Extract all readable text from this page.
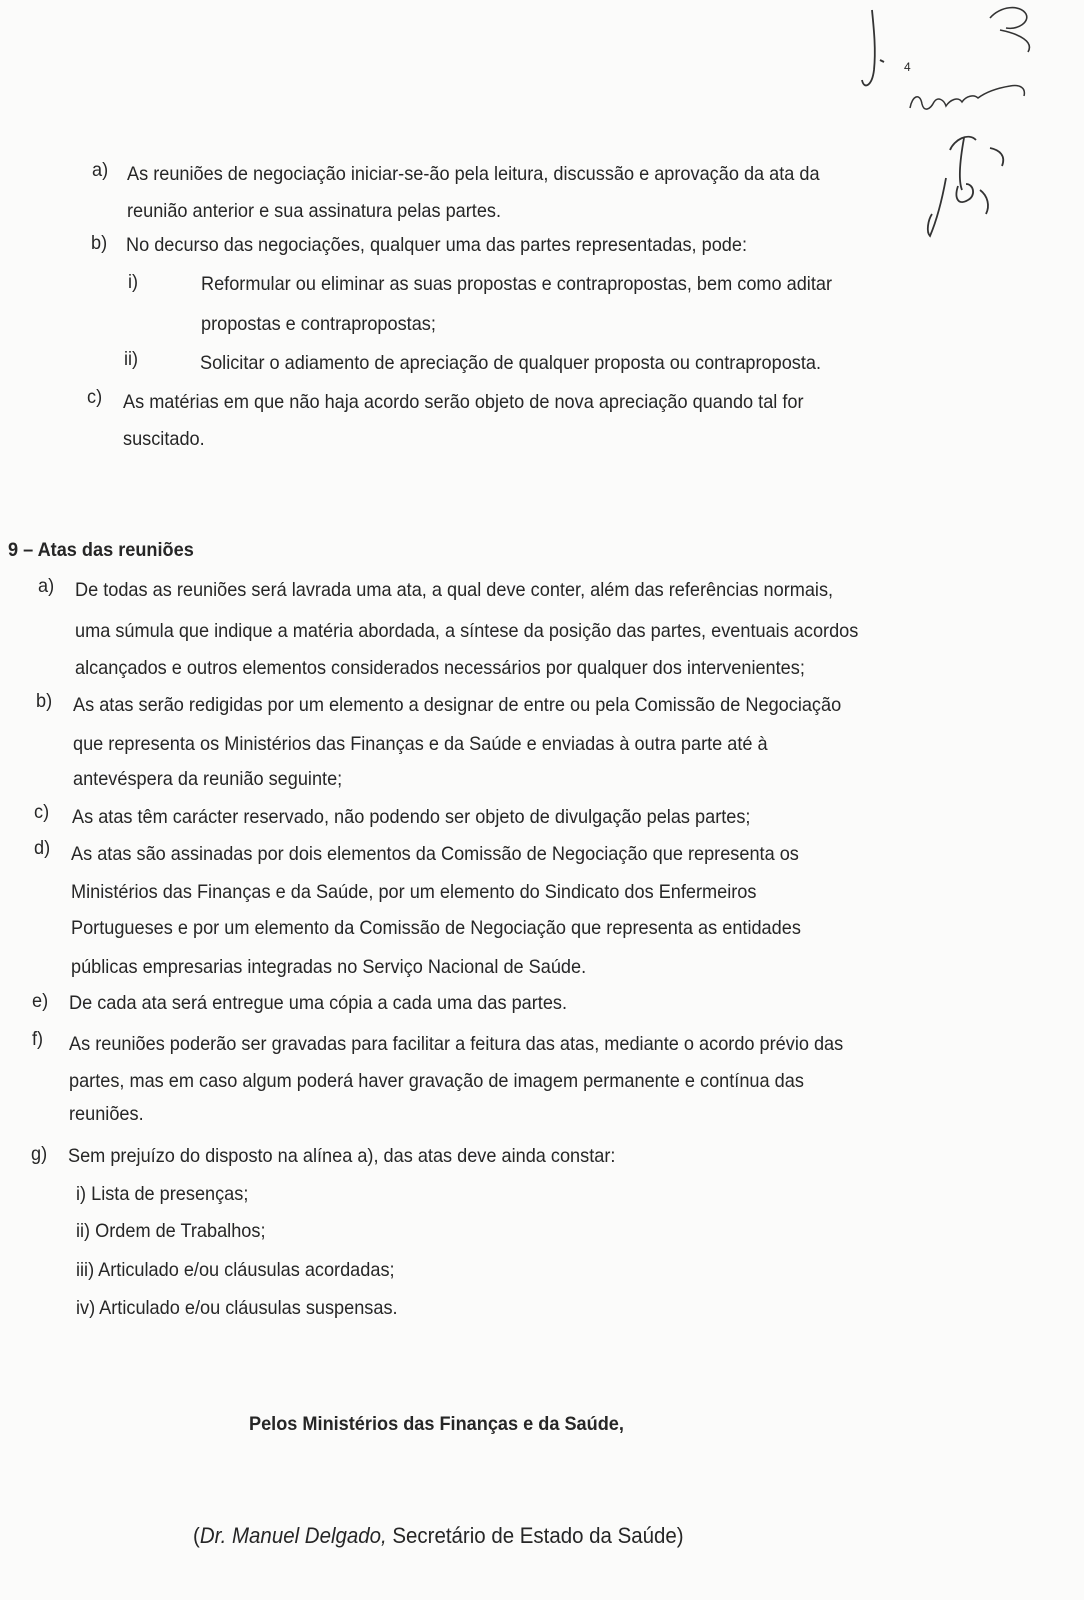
4
a) As reuniões de negociação iniciar-se-ão pela leitura, discussão e aprovação da ata da
reunião anterior e sua assinatura pelas partes.
b) No decurso das negociações, qualquer uma das partes representadas, pode:
i)	Reformular ou eliminar as suas propostas e contrapropostas, bem como aditar
propostas e contrapropostas;
ii)	Solicitar o adiamento de apreciação de qualquer proposta ou contraproposta.
c) As matérias em que não haja acordo serão objeto de nova apreciação quando tal for
suscitado.
9 – Atas das reuniões
a) De todas as reuniões será lavrada uma ata, a qual deve conter, além das referências normais,
uma súmula que indique a matéria abordada, a síntese da posição das partes, eventuais acordos
alcançados e outros elementos considerados necessários por qualquer dos intervenientes;
b) As atas serão redigidas por um elemento a designar de entre ou pela Comissão de Negociação
que representa os Ministérios das Finanças e da Saúde e enviadas à outra parte até à
antevéspera da reunião seguinte;
c) As atas têm carácter reservado, não podendo ser objeto de divulgação pelas partes;
d) As atas são assinadas por dois elementos da Comissão de Negociação que representa os
Ministérios das Finanças e da Saúde, por um elemento do Sindicato dos Enfermeiros
Portugueses e por um elemento da Comissão de Negociação que representa as entidades
públicas empresarias integradas no Serviço Nacional de Saúde.
e) De cada ata será entregue uma cópia a cada uma das partes.
f) As reuniões poderão ser gravadas para facilitar a feitura das atas, mediante o acordo prévio das
partes, mas em caso algum poderá haver gravação de imagem permanente e contínua das
reuniões.
g) Sem prejuízo do disposto na alínea a), das atas deve ainda constar:
i) Lista de presenças;
ii) Ordem de Trabalhos;
iii) Articulado e/ou cláusulas acordadas;
iv) Articulado e/ou cláusulas suspensas.
Pelos Ministérios das Finanças e da Saúde,
(Dr. Manuel Delgado, Secretário de Estado da Saúde)
